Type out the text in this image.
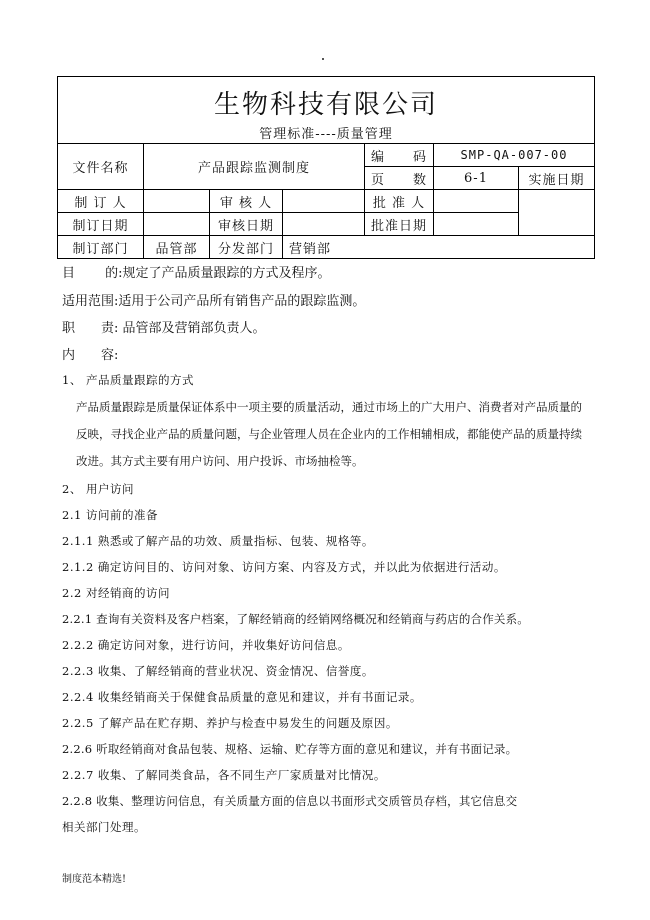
生物科技有限公司						

管理标准----质量管理						
文件名称	产品跟踪监测制度			编　　码	SMP-QA-007-00	
				页　　数	6-1	实施日期
制 订 人		审 核 人		批 准 人		
制订日期		审核日期		批准日期		
制订部门	品管部	分发部门	营销部			
目　　 的:规定了产品质量跟踪的方式及程序。
适用范围:适用于公司产品所有销售产品的跟踪监测。
职　　责: 品管部及营销部负责人。
内　　容:
1、 产品质量跟踪的方式
产品质量跟踪是质量保证体系中一项主要的质量活动，通过市场上的广大用户、消费者对产品质量的
反映，寻找企业产品的质量问题，与企业管理人员在企业内的工作相辅相成，都能使产品的质量持续
改进。其方式主要有用户访问、用户投诉、市场抽检等。
2、 用户访问
2.1 访问前的准备
2.1.1 熟悉或了解产品的功效、质量指标、包装、规格等。
2.1.2 确定访问目的、访问对象、访问方案、内容及方式，并以此为依据进行活动。
2.2 对经销商的访问
2.2.1 查询有关资料及客户档案，了解经销商的经销网络概况和经销商与药店的合作关系。
2.2.2 确定访问对象，进行访问，并收集好访问信息。
2.2.3 收集、了解经销商的营业状况、资金情况、信誉度。
2.2.4 收集经销商关于保健食品质量的意见和建议，并有书面记录。
2.2.5 了解产品在贮存期、养护与检查中易发生的问题及原因。
2.2.6 听取经销商对食品包装、规格、运输、贮存等方面的意见和建议，并有书面记录。
2.2.7 收集、了解同类食品，各不同生产厂家质量对比情况。
2.2.8 收集、整理访问信息，有关质量方面的信息以书面形式交质管员存档，其它信息交
相关部门处理。
制度范本精选!
